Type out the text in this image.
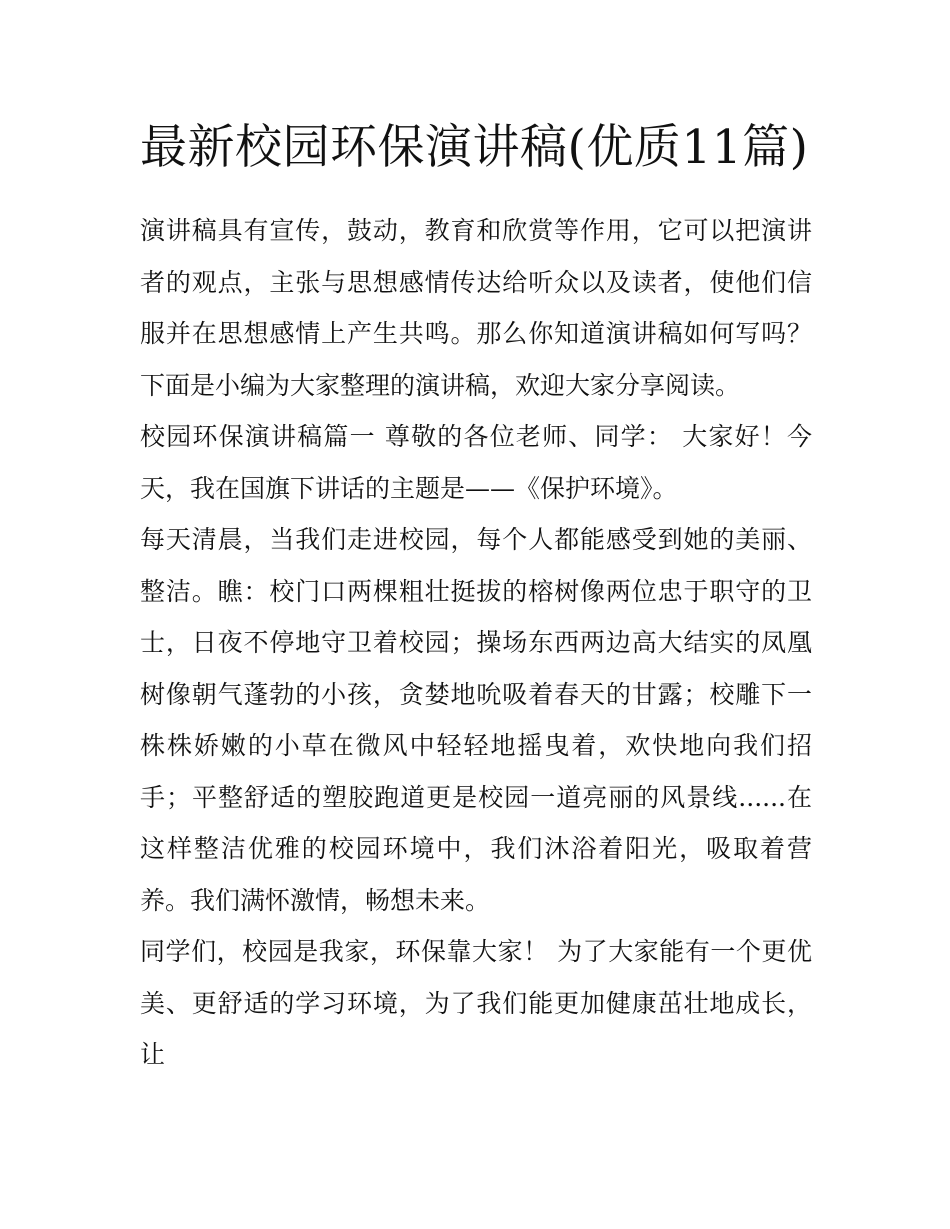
最新校园环保演讲稿(优质11篇)

演讲稿具有宣传，鼓动，教育和欣赏等作用，它可以把演讲者的观点，主张与思想感情传达给听众以及读者，使他们信服并在思想感情上产生共鸣。那么你知道演讲稿如何写吗？下面是小编为大家整理的演讲稿，欢迎大家分享阅读。

校园环保演讲稿篇一 尊敬的各位老师、同学： 大家好！今天，我在国旗下讲话的主题是——《保护环境》。

每天清晨，当我们走进校园，每个人都能感受到她的美丽、整洁。瞧：校门口两棵粗壮挺拔的榕树像两位忠于职守的卫士，日夜不停地守卫着校园；操场东西两边高大结实的凤凰树像朝气蓬勃的小孩，贪婪地吮吸着春天的甘露；校雕下一株株娇嫩的小草在微风中轻轻地摇曳着，欢快地向我们招手；平整舒适的塑胶跑道更是校园一道亮丽的风景线......在这样整洁优雅的校园环境中，我们沐浴着阳光，吸取着营养。我们满怀激情，畅想未来。

同学们，校园是我家，环保靠大家！ 为了大家能有一个更优美、更舒适的学习环境，为了我们能更加健康茁壮地成长，让
